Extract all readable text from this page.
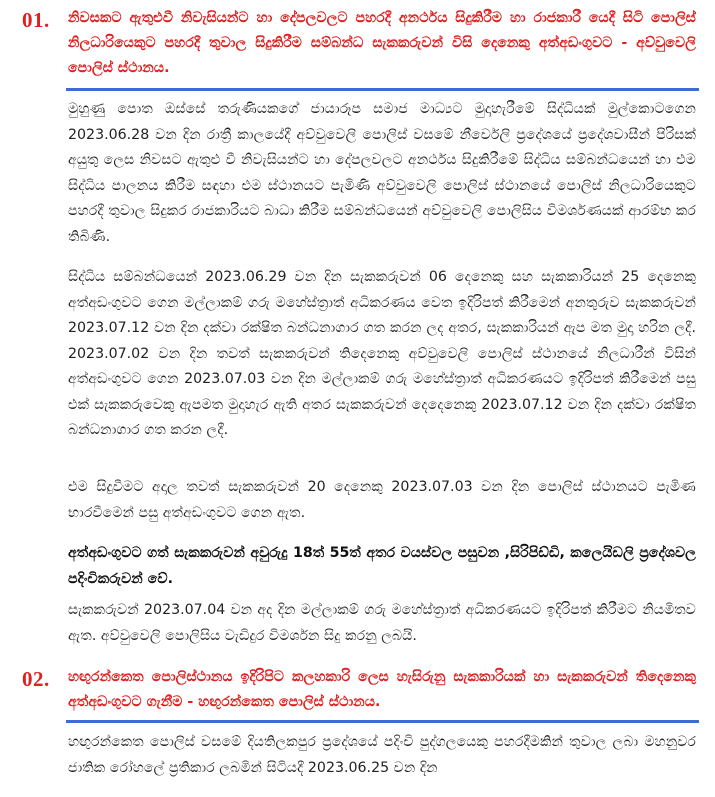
01. නිවසකට ඇතුළුවී නිවැසියන්ට හා දේපලවලට පහරදී අනර්ථය සිදුකිරීම හා රාජකාරී යෙදී සිටි පොලිස් නිලධාරියෙකුට පහරදී තුවාල සිදුකිරීම සම්බන්ධ සැකකරුවන් විසි දෙනෙකු අත්අඩංගුවට - අව්වුවෙලි පොලිස් ස්ථානය.
මුහුණු පොත ඔස්සේ තරුණියකගේ ජායාරූප සමාජ මාධ්‍යට මුදාහැරීමේ සිද්ධියක් මුල්කොටගෙන 2023.06.28 වන දින රාත්‍රී කාලයේදී අව්වුවෙලි පොලිස් වසමේ නීර්වෙලි ප්‍රදේශයේ ප්‍රදේශවාසීන් පිරිසක් අයුතු ලෙස නිවසට ඇතුළු වී නිවැසියන්ට හා දේපලවලට අනර්ථය සිදුකිරීමේ සිද්ධිය සම්බන්ධයෙන් හා එම සිද්ධිය පාලනය කිරීම සඳහා එම ස්ථානයට පැමිණි අව්වුවෙලි පොලිස් ස්ථානයේ පොලිස් නිලධාරියෙකුට පහරදී තුවාල සිදුකර රාජකාරියට බාධා කිරීම සම්බන්ධයෙන් අව්වුවෙලි පොලිසිය විමර්ශණයක් ආරම්භ කර තිබිණි.
සිද්ධිය සම්බන්ධයෙන් 2023.06.29 වන දින සැකකරුවන් 06 දෙනෙකු සහ සැකකාරියන් 25 දෙනෙකු අත්අඩංගුවට ගෙන මල්ලාකම් ගරු මහේස්ත්‍රාත් අධිකරණය වෙත ඉදිරිපත් කිරීමෙන් අනතුරුව සැකකරුවන් 2023.07.12 වන දින දක්වා රක්ෂිත බන්ධනාගාර ගත කරන ලද අතර, සැකකාරියන් ඇප මත මුදා හරින ලදී. 2023.07.02 වන දින තවත් සැකකරුවන් තිදෙනෙකු අව්වුවෙලි පොලිස් ස්ථානයේ නිලධාරීන් විසින් අත්අඩංගුවට ගෙන 2023.07.03 වන දින මල්ලාකම් ගරු මහේස්ත්‍රාත් අධිකරණයට ඉදිරිපත් කිරීමෙන් පසු එක් සැකකරුවෙකු ඇපමත මුදාහැර ඇති අතර සැකකරුවන් දෙදෙනෙකු 2023.07.12 වන දින දක්වා රක්ෂිත බන්ධනාගාර ගත කරන ලදී.
එම සිදුවීමට අදාල තවත් සැකකරුවන් 20 දෙනෙකු 2023.07.03 වන දින පොලිස් ස්ථානයට පැමිණ භාරවීමෙන් පසු අත්අඩංගුවට ගෙන ඇත.
අත්අඩංගුවට ගත් සැකකරුවන් අවුරුදු 18ත් 55ත් අතර වයස්වල පසුවන ,සිරිපිඩ්ඩි, කලෙයිඩලි ප්‍රදේශවල පදිංචිකරුවන් වේ.
සැකකරුවන් 2023.07.04 වන අද දින මල්ලාකම් ගරු මහේස්ත්‍රාත් අධිකරණයට ඉදිරිපත් කිරීමට නියමිතව ඇත. අව්වුවෙලි පොලිසිය වැඩිදුර විමර්ශන සිදු කරනු ලබයි.
02. හඟුරන්කෙත පොලිස්ථානය ඉදිරිපිට කලහකාරි ලෙස හැසිරුනු සැකකාරියක් හා සැකකරුවන් තිදෙනෙකු අත්අඩංගුවට ගැනීම - හඟුරන්කෙත පොලිස් ස්ථානය.
හඟුරන්කෙත පොලිස් වසමේ දියතිලකපුර ප්‍රදේශයේ පදිංචි පුද්ගලයෙකු පහරදීමකින් තුවාල ලබා මහනුවර ජාතික රෝහලේ ප්‍රතිකාර ලබමින් සිටියදී 2023.06.25 වන දින
